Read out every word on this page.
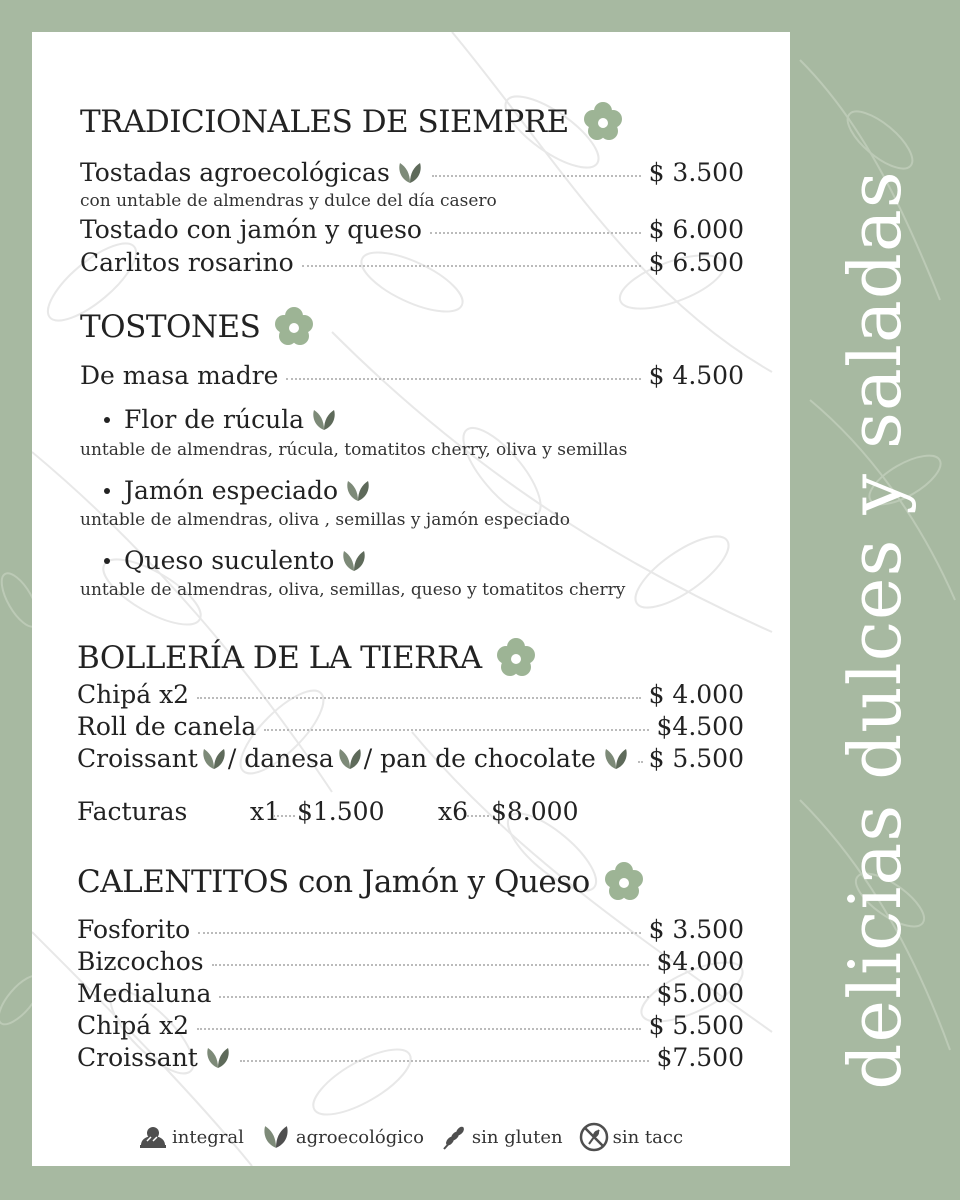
TRADICIONALES DE SIEMPRE
Tostadas agroecológicas	$ 3.500
con untable de almendras y dulce del día casero
Tostado con jamón y queso	$ 6.000
Carlitos rosarino	$ 6.500
TOSTONES
De masa madre	$ 4.500
Flor de rúcula
untable de almendras, rúcula, tomatitos cherry, oliva y semillas
Jamón especiado
untable de almendras, oliva , semillas y jamón especiado
Queso suculento
untable de almendras, oliva, semillas, queso y tomatitos cherry
BOLLERÍA DE LA TIERRA
Chipá x2	$ 4.000
Roll de canela	$4.500
Croissant / danesa / pan de chocolate $ 5.500
Facturas	x1 $1.500 x6 $8.000
CALENTITOS con Jamón y Queso
Fosforito	$ 3.500
Bizcochos	$4.000
Medialuna	$5.000
Chipá x2	$ 5.500
Croissant	$7.500
integral	agroecológico	sin gluten	sin tacc
delicias dulces y saladas
